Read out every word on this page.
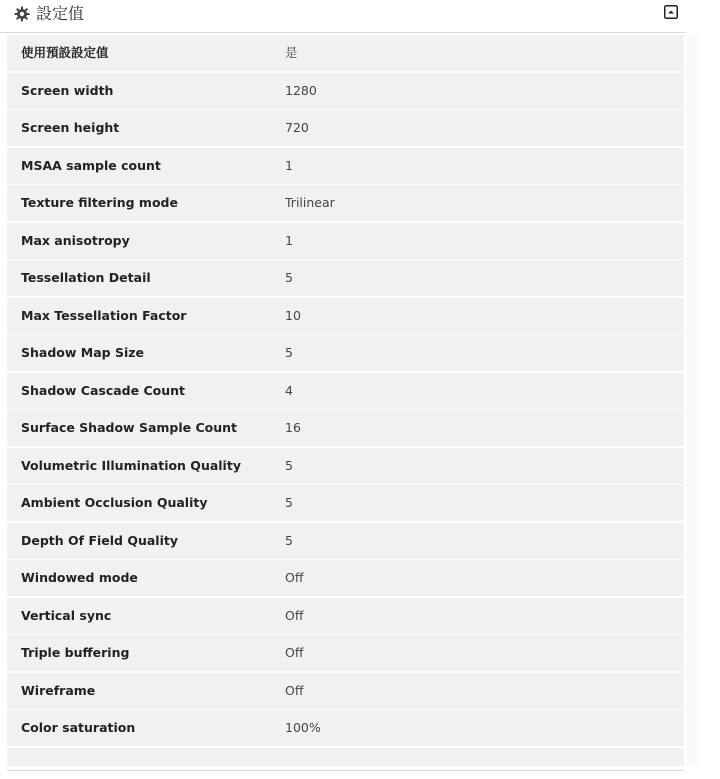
設定值
使用預設設定值	是
Screen width	1280
Screen height	720
MSAA sample count	1
Texture filtering mode	Trilinear
Max anisotropy	1
Tessellation Detail	5
Max Tessellation Factor	10
Shadow Map Size	5
Shadow Cascade Count	4
Surface Shadow Sample Count	16
Volumetric Illumination Quality	5
Ambient Occlusion Quality	5
Depth Of Field Quality	5
Windowed mode	Off
Vertical sync	Off
Triple buffering	Off
Wireframe	Off
Color saturation	100%
